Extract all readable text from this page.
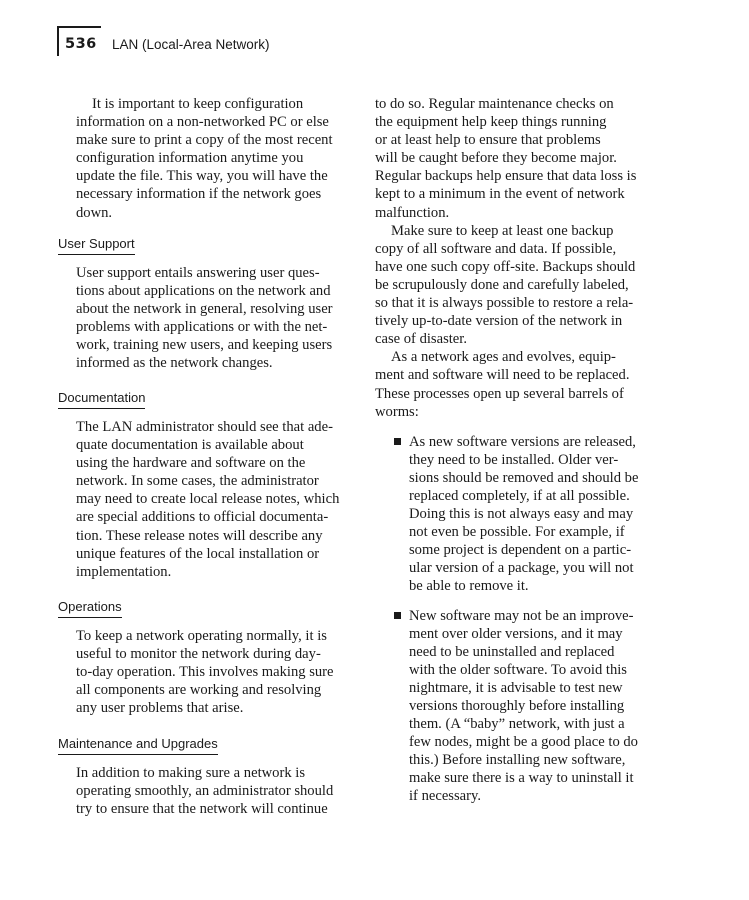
536 LAN (Local-Area Network)

It is important to keep configuration
information on a non-networked PC or else
make sure to print a copy of the most recent
configuration information anytime you
update the file. This way, you will have the
necessary information if the network goes
down.

User Support
User support entails answering user ques-
tions about applications on the network and
about the network in general, resolving user
problems with applications or with the net-
work, training new users, and keeping users
informed as the network changes.
Documentation
The LAN administrator should see that ade-
quate documentation is available about
using the hardware and software on the
network. In some cases, the administrator
may need to create local release notes, which
are special additions to official documenta-
tion. These release notes will describe any
unique features of the local installation or
implementation.
Operations
To keep a network operating normally, it is
useful to monitor the network during day-
to-day operation. This involves making sure
all components are working and resolving
any user problems that arise.
Maintenance and Upgrades
In addition to making sure a network is
operating smoothly, an administrator should
try to ensure that the network will continue

to do so. Regular maintenance checks on
the equipment help keep things running
or at least help to ensure that problems
will be caught before they become major.
Regular backups help ensure that data loss is
kept to a minimum in the event of network
malfunction.

Make sure to keep at least one backup
copy of all software and data. If possible,
have one such copy off-site. Backups should
be scrupulously done and carefully labeled,
so that it is always possible to restore a rela-
tively up-to-date version of the network in
case of disaster.

As a network ages and evolves, equip-
ment and software will need to be replaced.
These processes open up several barrels of
worms:

As new software versions are released,
they need to be installed. Older ver-
sions should be removed and should be
replaced completely, if at all possible.
Doing this is not always easy and may
not even be possible. For example, if
some project is dependent on a partic-
ular version of a package, you will not
be able to remove it.
New software may not be an improve-
ment over older versions, and it may
need to be uninstalled and replaced
with the older software. To avoid this
nightmare, it is advisable to test new
versions thoroughly before installing
them. (A “baby” network, with just a
few nodes, might be a good place to do
this.) Before installing new software,
make sure there is a way to uninstall it
if necessary.
